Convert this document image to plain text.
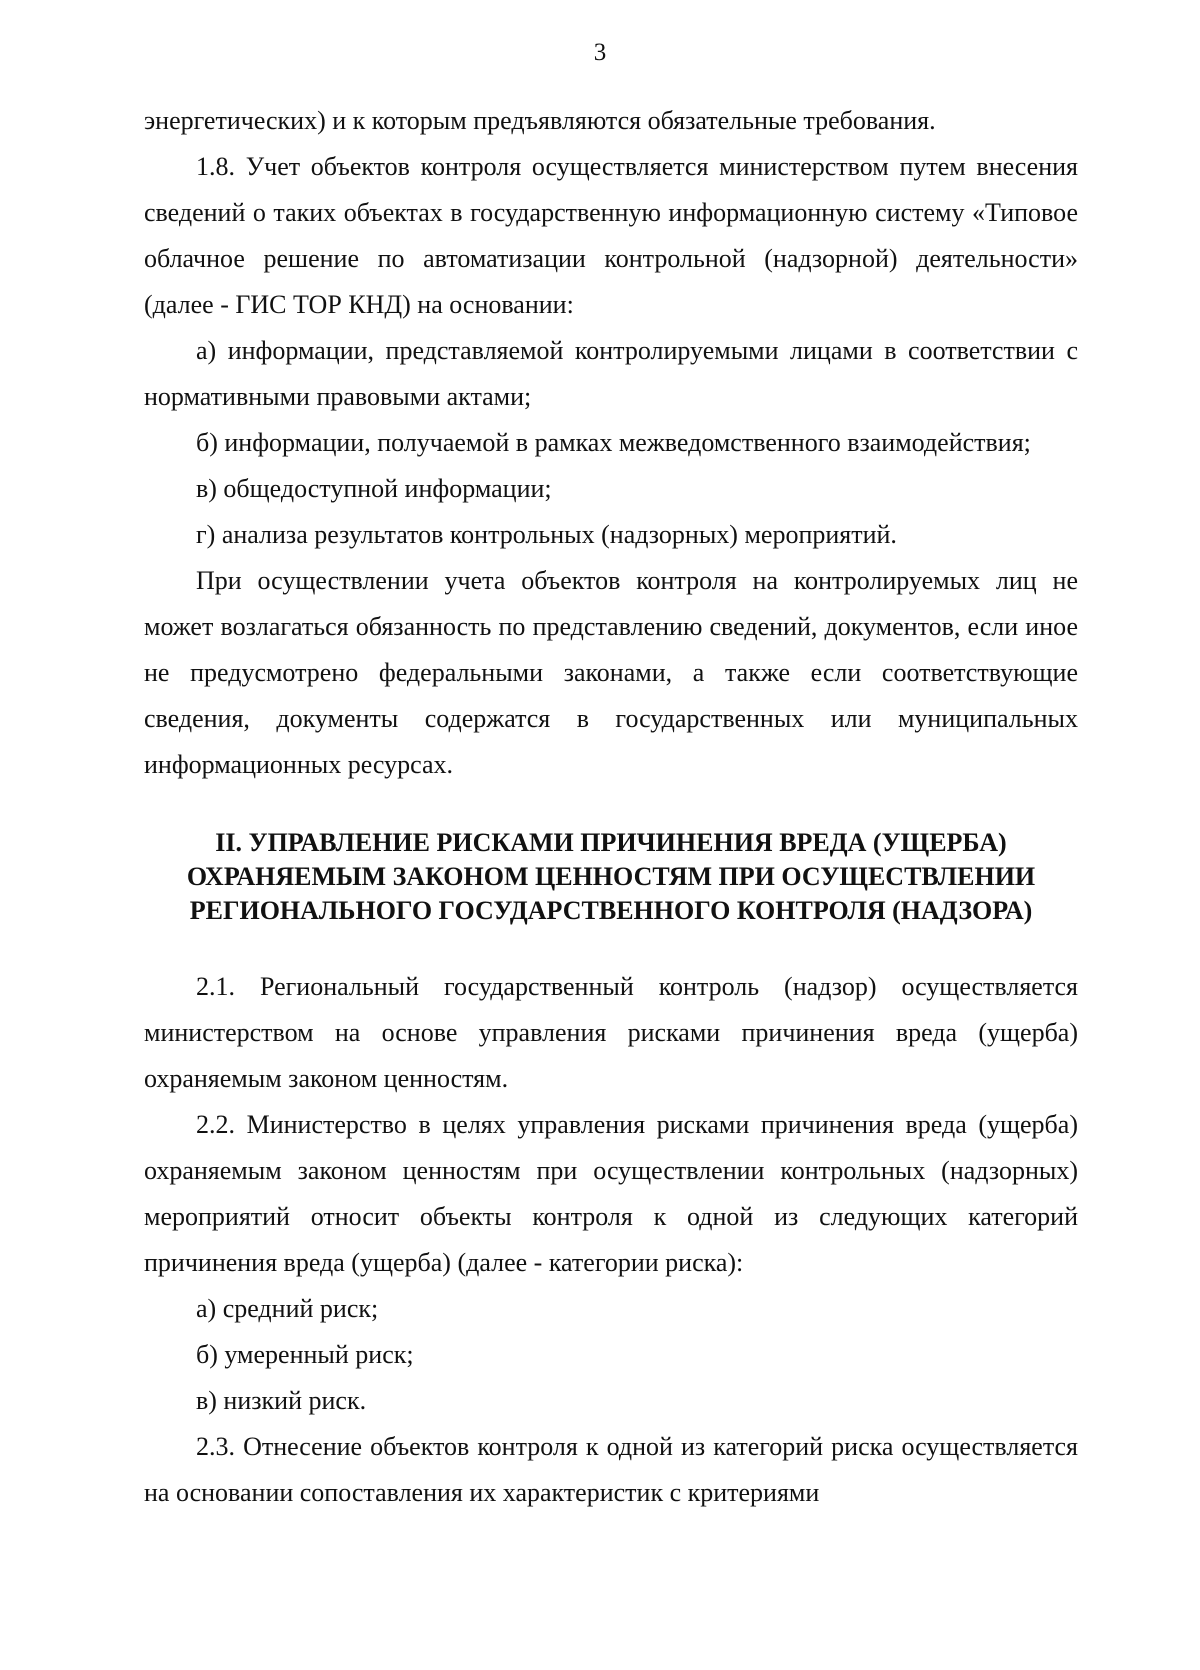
3

энергетических) и к которым предъявляются обязательные требования.

1.8. Учет объектов контроля осуществляется министерством путем внесения сведений о таких объектах в государственную информационную систему «Типовое облачное решение по автоматизации контрольной (надзорной) деятельности» (далее - ГИС ТОР КНД) на основании:

а) информации, представляемой контролируемыми лицами в соответствии с нормативными правовыми актами;

б) информации, получаемой в рамках межведомственного взаимодействия;

в) общедоступной информации;

г) анализа результатов контрольных (надзорных) мероприятий.

При осуществлении учета объектов контроля на контролируемых лиц не может возлагаться обязанность по представлению сведений, документов, если иное не предусмотрено федеральными законами, а также если соответствующие сведения, документы содержатся в государственных или муниципальных информационных ресурсах.

II. УПРАВЛЕНИЕ РИСКАМИ ПРИЧИНЕНИЯ ВРЕДА (УЩЕРБА) ОХРАНЯЕМЫМ ЗАКОНОМ ЦЕННОСТЯМ ПРИ ОСУЩЕСТВЛЕНИИ РЕГИОНАЛЬНОГО ГОСУДАРСТВЕННОГО КОНТРОЛЯ (НАДЗОРА)

2.1. Региональный государственный контроль (надзор) осуществляется министерством на основе управления рисками причинения вреда (ущерба) охраняемым законом ценностям.

2.2. Министерство в целях управления рисками причинения вреда (ущерба) охраняемым законом ценностям при осуществлении контрольных (надзорных) мероприятий относит объекты контроля к одной из следующих категорий причинения вреда (ущерба) (далее - категории риска):

а) средний риск;

б) умеренный риск;

в) низкий риск.

2.3. Отнесение объектов контроля к одной из категорий риска осуществляется на основании сопоставления их характеристик с критериями
